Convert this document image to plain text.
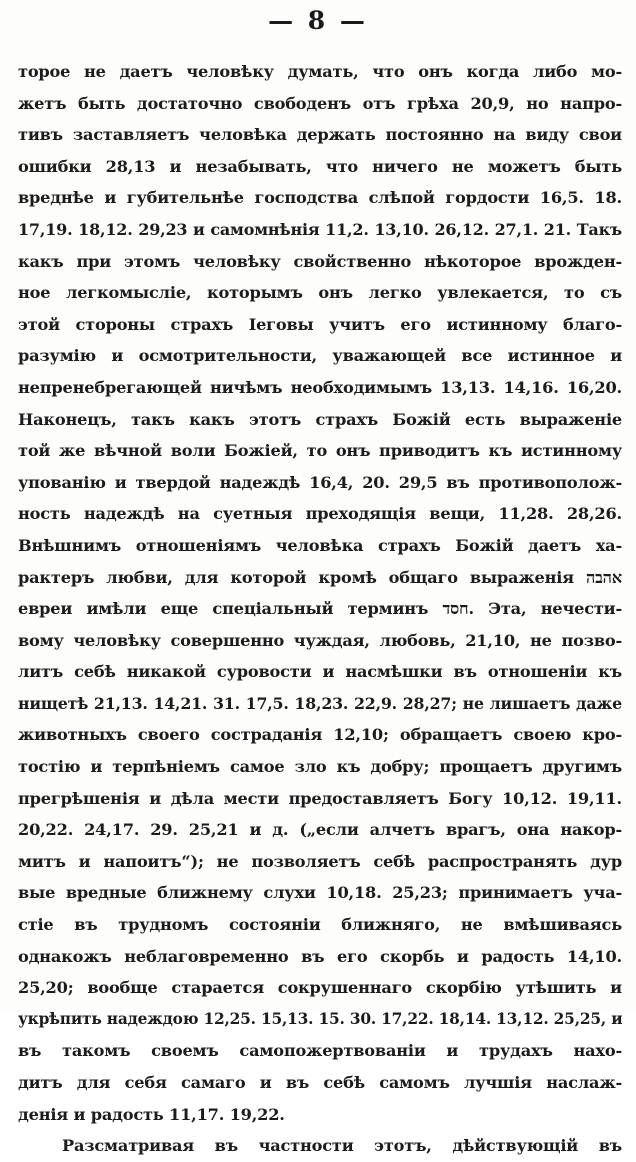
— 8 —
торое не даетъ человѣку думать, что онъ когда либо мо-
жетъ быть достаточно свободенъ отъ грѣха 20,9, но напро-
тивъ заставляетъ человѣка держать постоянно на виду свои
ошибки 28,13 и незабывать, что ничего не можетъ быть
вреднѣе и губительнѣе господства слѣпой гордости 16,5. 18.
17,19. 18,12. 29,23 и самомнѣнія 11,2. 13,10. 26,12. 27,1. 21. Такъ
какъ при этомъ человѣку свойственно нѣкоторое врожден-
ное легкомысліе, которымъ онъ легко увлекается, то съ
этой стороны страхъ Іеговы учитъ его истинному благо-
разумію и осмотрительности, уважающей все истинное и
непренебрегающей ничѣмъ необходимымъ 13,13. 14,16. 16,20.
Наконецъ, такъ какъ этотъ страхъ Божій есть выраженіе
той же вѣчной воли Божіей, то онъ приводитъ къ истинному
упованію и твердой надеждѣ 16,4, 20. 29,5 въ противополож-
ность надеждѣ на суетныя преходящія вещи, 11,28. 28,26.
Внѣшнимъ отношеніямъ человѣка страхъ Божій даетъ ха-
рактеръ любви, для которой кромѣ общаго выраженія אהבה
евреи имѣли еще спеціальный терминъ חסד. Эта, нечести-
вому человѣку совершенно чуждая, любовь, 21,10, не позво-
литъ себѣ никакой суровости и насмѣшки въ отношеніи къ
нищетѣ 21,13. 14,21. 31. 17,5. 18,23. 22,9. 28,27; не лишаетъ даже
животныхъ своего состраданія 12,10; обращаетъ своею кро-
тостію и терпѣніемъ самое зло къ добру; прощаетъ другимъ
прегрѣшенія и дѣла мести предоставляетъ Богу 10,12. 19,11.
20,22. 24,17. 29. 25,21 и д. („если алчетъ врагъ, она накор-
митъ и напоитъ“); не позволяетъ себѣ распространять дур
вые вредные ближнему слухи 10,18. 25,23; принимаетъ уча-
стіе въ трудномъ состояніи ближняго, не вмѣшиваясь
однакожъ неблаговременно въ его скорбь и радость 14,10.
25,20; вообще старается сокрушеннаго скорбію утѣшить и
укрѣпить надеждою 12,25. 15,13. 15. 30. 17,22. 18,14. 13,12. 25,25, и
въ такомъ своемъ самопожертвованіи и трудахъ нахо-
дитъ для себя самаго и въ себѣ самомъ лучшія наслаж-
денія и радость 11,17. 19,22.
Разсматривая въ частности этотъ, дѣйствующій въ
